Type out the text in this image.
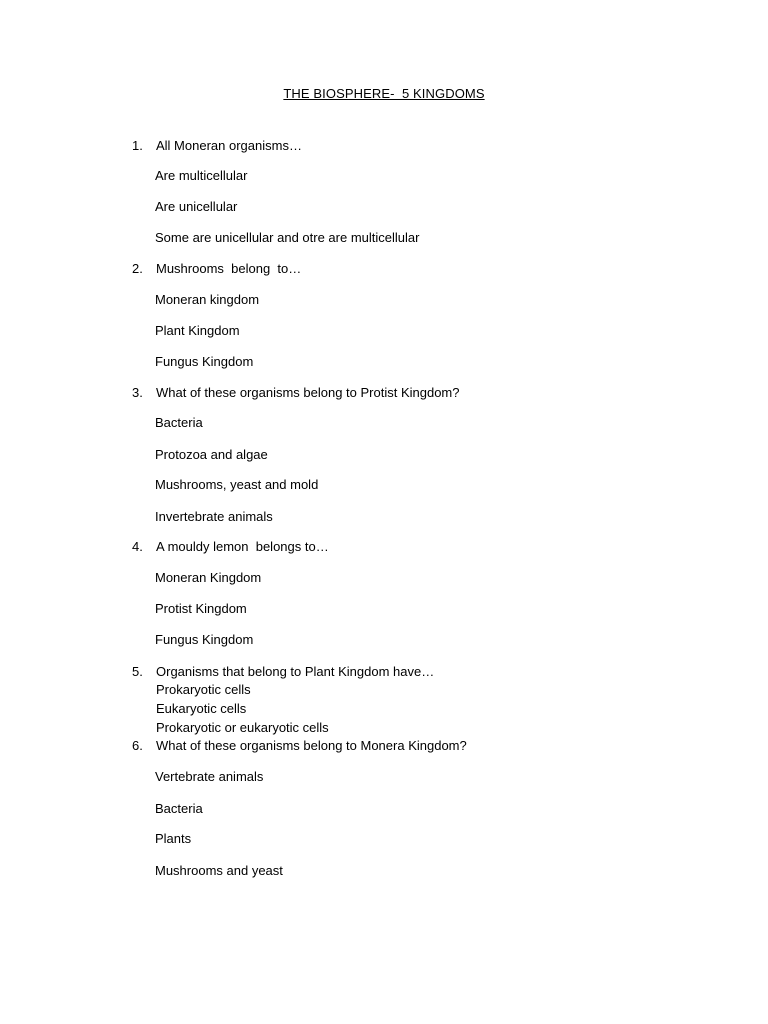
THE BIOSPHERE-  5 KINGDOMS
1. All Moneran organisms…
Are multicellular
Are unicellular
Some are unicellular and otre are multicellular
2. Mushrooms  belong  to…
Moneran kingdom
Plant Kingdom
Fungus Kingdom
3. What of these organisms belong to Protist Kingdom?
Bacteria
Protozoa and algae
Mushrooms, yeast and mold
Invertebrate animals
4. A mouldy lemon  belongs to…
Moneran Kingdom
Protist Kingdom
Fungus Kingdom
5. Organisms that belong to Plant Kingdom have…
Prokaryotic cells
Eukaryotic cells
Prokaryotic or eukaryotic cells
6. What of these organisms belong to Monera Kingdom?
Vertebrate animals
Bacteria
Plants
Mushrooms and yeast
